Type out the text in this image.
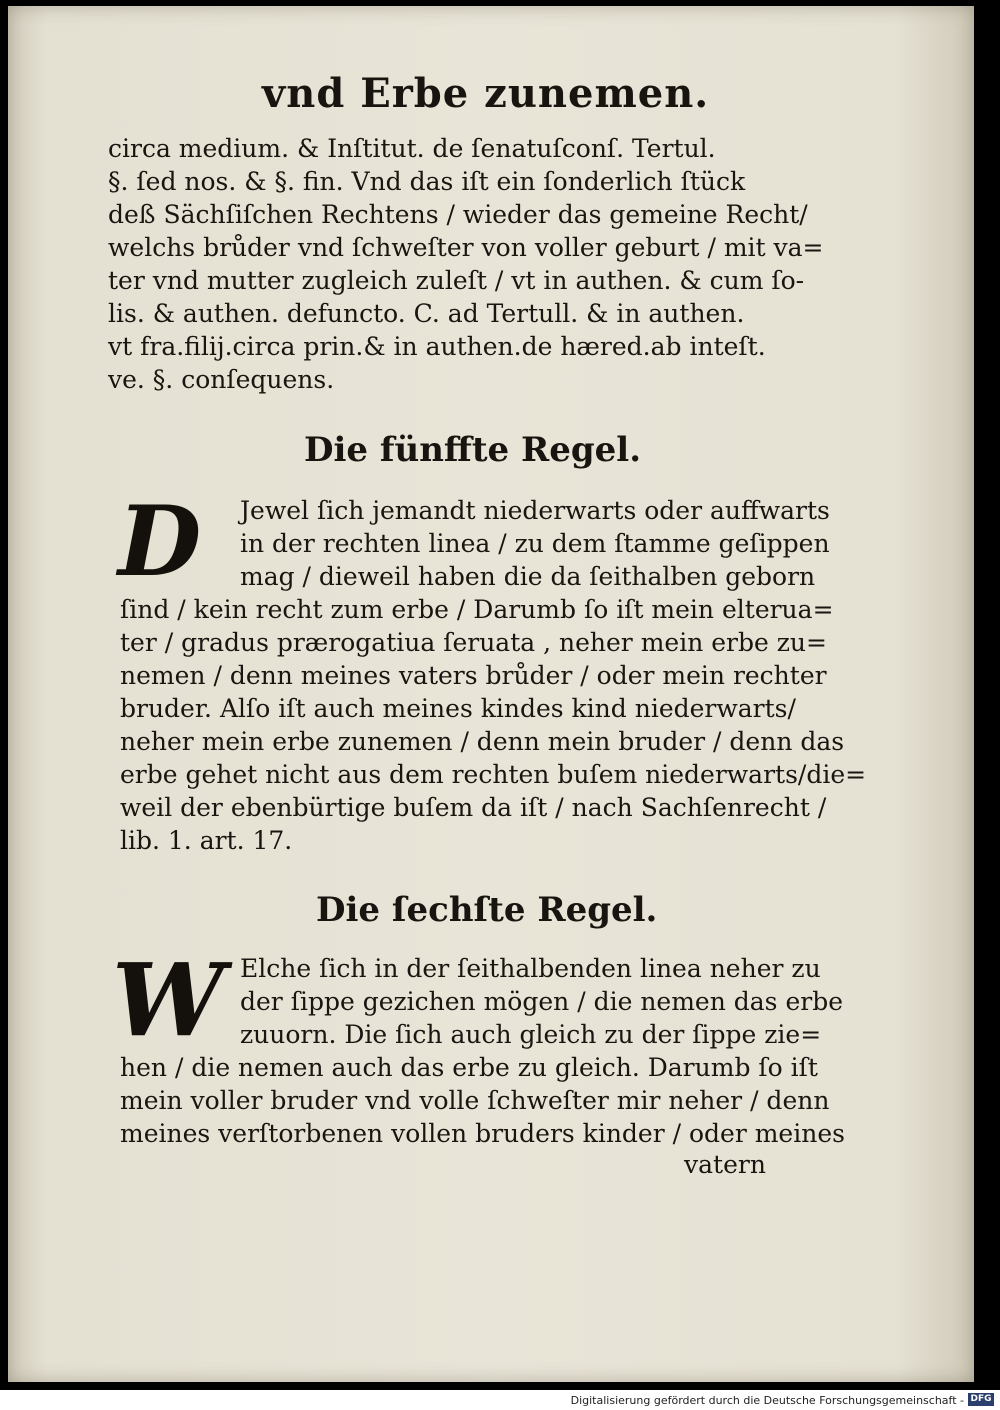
vnd Erbe zunemen.
circa medium. & Inſtitut. de ſenatuſconſ. Tertul.
§. ſed nos. & §. fin. Vnd das iſt ein ſonderlich ſtück
deß Sächſiſchen Rechtens / wieder das gemeine Recht/
welchs brůder vnd ſchweſter von voller geburt / mit va=
ter vnd mutter zugleich zuleſt / vt in authen. & cum ſo-
lis. & authen. defuncto. C. ad Tertull. & in authen.
vt fra.filij.circa prin.& in authen.de hæred.ab inteſt.
ve. §. conſequens.
Die fünffte Regel.
D	Jewel ſich jemandt niederwarts oder auffwarts
in der rechten linea / zu dem ſtamme geſippen
mag / dieweil haben die da ſeithalben geborn
ſind / kein recht zum erbe / Darumb ſo iſt mein elterua=
ter / gradus prærogatiua ſeruata , neher mein erbe zu=
nemen / denn meines vaters brůder / oder mein rechter
bruder. Alſo iſt auch meines kindes kind niederwarts/
neher mein erbe zunemen / denn mein bruder / denn das
erbe gehet nicht aus dem rechten buſem niederwarts/die=
weil der ebenbürtige buſem da iſt / nach Sachſenrecht /
lib. 1. art. 17.
Die ſechſte Regel.
W Elche ſich in der ſeithalbenden linea neher zu
der ſippe gezichen mögen / die nemen das erbe
zuuorn. Die ſich auch gleich zu der ſippe zie=
hen / die nemen auch das erbe zu gleich. Darumb ſo iſt
mein voller bruder vnd volle ſchweſter mir neher / denn
meines verſtorbenen vollen bruders kinder / oder meines
vatern
Digitalisierung gefördert durch die Deutsche Forschungsgemeinschaft - DFG
